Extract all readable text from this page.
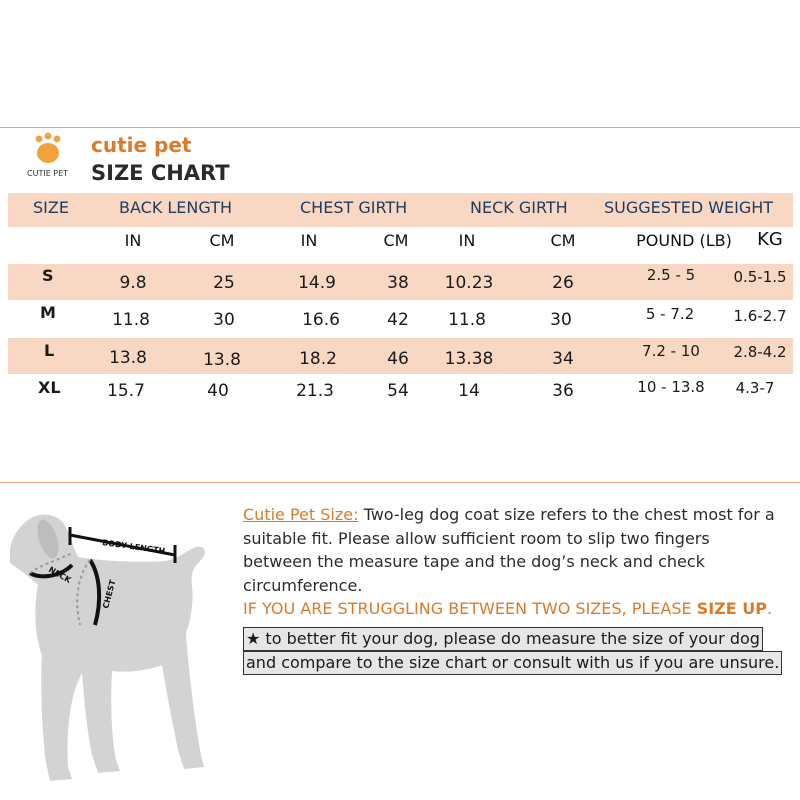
CUTIE PET
cutie pet
SIZE CHART
SIZE	BACK LENGTH	CHEST GIRTH	NECK GIRTH SUGGESTED WEIGHT
IN	CM	IN	CM	IN	CM	POUND (LB) KG
S	9.8	25	14.9	38 10.23	26	2.5 - 5	0.5-1.5
M	11.8	30	16.6	42 11.8	30	5 - 7.2	1.6-2.7
L	13.8	13.8	18.2	46 13.38	34	7.2 - 10 2.8-4.2
XL	15.7	40	21.3	54	14	36	10 - 13.8 4.3-7
BODY LENGTH
NECK
CHEST
Cutie Pet Size: Two-leg dog coat size refers to the chest most for a suitable fit. Please allow sufficient room to slip two fingers between the measure tape and the dog’s neck and check circumference.
IF YOU ARE STRUGGLING BETWEEN TWO SIZES, PLEASE SIZE UP.
★ to better fit your dog, please do measure the size of your dog
and compare to the size chart or consult with us if you are unsure.
